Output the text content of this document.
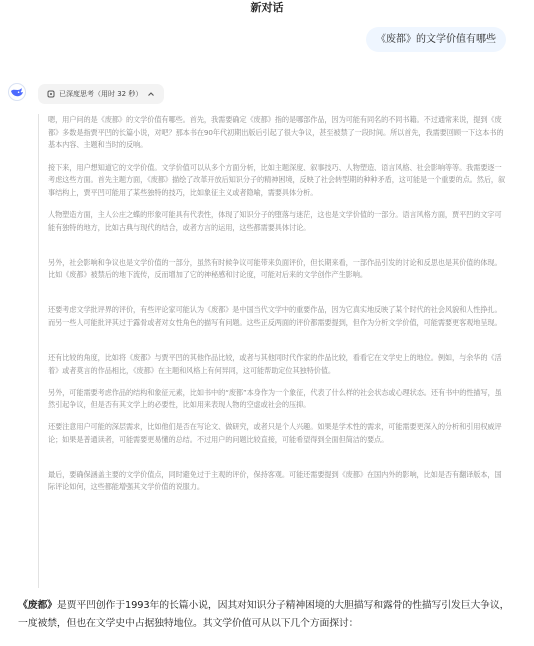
新对话
《废都》的文学价值有哪些
已深度思考（用时 32 秒）

嗯，用户问的是《废都》的文学价值有哪些。首先，我需要确定《废都》指的是哪部作品，因为可能有同名的不同书籍。不过通常来说，提到《废都》多数是指贾平凹的长篇小说，对吧？那本书在90年代初期出版后引起了很大争议，甚至被禁了一段时间。所以首先，我需要回顾一下这本书的基本内容、主题和当时的反响。

接下来，用户想知道它的文学价值。文学价值可以从多个方面分析，比如主题深度、叙事技巧、人物塑造、语言风格、社会影响等等。我需要逐一考虑这些方面。首先主题方面，《废都》描绘了改革开放后知识分子的精神困境，反映了社会转型期的种种矛盾，这可能是一个重要的点。然后，叙事结构上，贾平凹可能用了某些独特的技巧，比如象征主义或者隐喻，需要具体分析。

人物塑造方面，主人公庄之蝶的形象可能具有代表性，体现了知识分子的堕落与迷茫，这也是文学价值的一部分。语言风格方面，贾平凹的文字可能有独特的地方，比如古典与现代的结合，或者方言的运用，这些都需要具体讨论。

另外，社会影响和争议也是文学价值的一部分，虽然有时候争议可能带来负面评价，但长期来看，一部作品引发的讨论和反思也是其价值的体现。比如《废都》被禁后的地下流传，反而增加了它的神秘感和讨论度，可能对后来的文学创作产生影响。

还要考虑文学批评界的评价，有些评论家可能认为《废都》是中国当代文学中的重要作品，因为它真实地反映了某个时代的社会风貌和人性挣扎。而另一些人可能批评其过于露骨或者对女性角色的描写有问题。这些正反两面的评价都需要提到，但作为分析文学价值，可能需要更客观地呈现。

还有比较的角度，比如将《废都》与贾平凹的其他作品比较，或者与其他同时代作家的作品比较，看看它在文学史上的地位。例如，与余华的《活着》或者莫言的作品相比，《废都》在主题和风格上有何异同，这可能帮助定位其独特价值。

另外，可能需要考虑作品的结构和象征元素，比如书中的“废都”本身作为一个象征，代表了什么样的社会状态或心理状态。还有书中的性描写，虽然引起争议，但是否有其文学上的必要性，比如用来表现人物的空虚或社会的压抑。

还要注意用户可能的深层需求，比如他们是否在写论文、做研究，或者只是个人兴趣。如果是学术性的需求，可能需要更深入的分析和引用权威评论；如果是普通读者，可能需要更易懂的总结。不过用户的问题比较直接，可能希望得到全面但简洁的要点。

最后，要确保涵盖主要的文学价值点，同时避免过于主观的评价，保持客观。可能还需要提到《废都》在国内外的影响，比如是否有翻译版本，国际评论如何，这些都能增强其文学价值的说服力。

《废都》是贾平凹创作于1993年的长篇小说，因其对知识分子精神困境的大胆描写和露骨的性描写引发巨大争议，一度被禁，但也在文学史中占据独特地位。其文学价值可从以下几个方面探讨：
